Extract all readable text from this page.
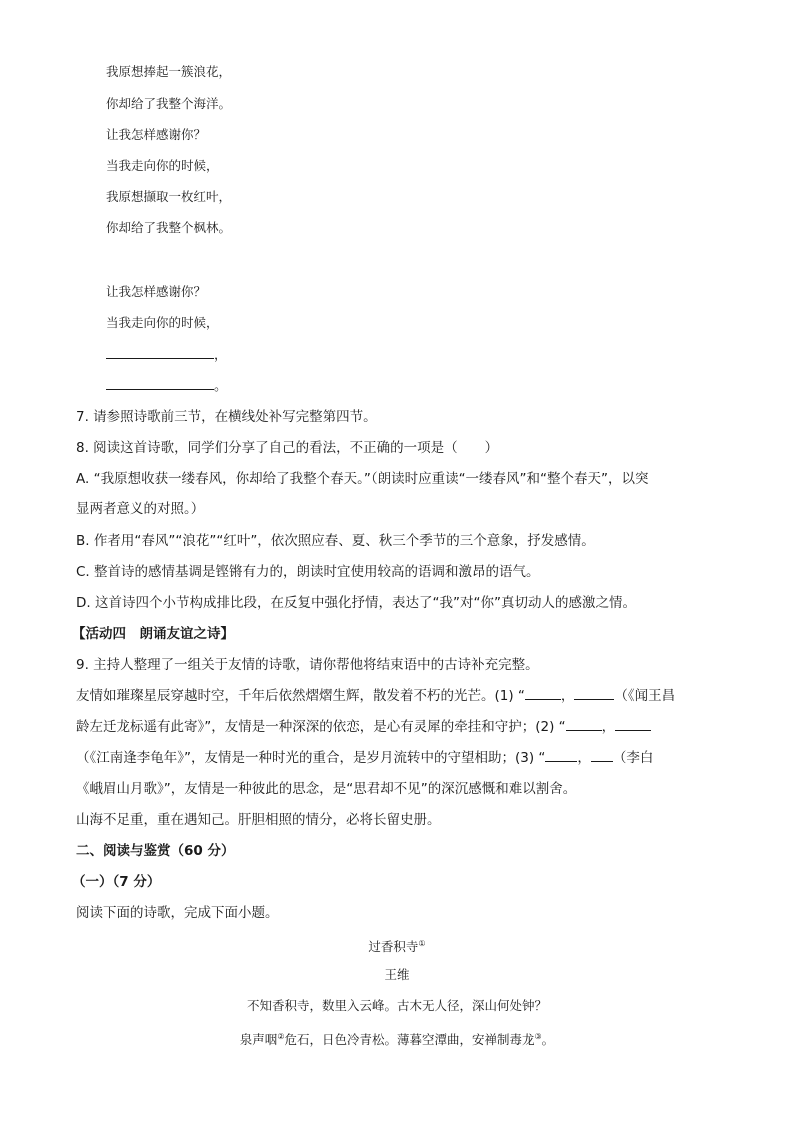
我原想捧起一簇浪花，
你却给了我整个海洋。
让我怎样感谢你？
当我走向你的时候，
我原想撷取一枚红叶，
你却给了我整个枫林。
让我怎样感谢你？
当我走向你的时候，
，
。
7. 请参照诗歌前三节，在横线处补写完整第四节。
8. 阅读这首诗歌，同学们分享了自己的看法，不正确的一项是（　　）
A. “我原想收获一缕春风，你却给了我整个春天。”（朗读时应重读“一缕春风”和“整个春天”，以突
显两者意义的对照。）
B. 作者用“春风”“浪花”“红叶”，依次照应春、夏、秋三个季节的三个意象，抒发感情。
C. 整首诗的感情基调是铿锵有力的，朗读时宜使用较高的语调和激昂的语气。
D. 这首诗四个小节构成排比段，在反复中强化抒情，表达了“我”对“你”真切动人的感激之情。
【活动四　朗诵友谊之诗】
9. 主持人整理了一组关于友情的诗歌，请你帮他将结束语中的古诗补充完整。
友情如璀璨星辰穿越时空，千年后依然熠熠生辉，散发着不朽的光芒。(1) “	，	（《闻王昌
龄左迁龙标遥有此寄》”，友情是一种深深的依恋，是心有灵犀的牵挂和守护；(2) “	，
（《江南逢李龟年》”，友情是一种时光的重合，是岁月流转中的守望相助；(3) “ ， （李白
《峨眉山月歌》”，友情是一种彼此的思念，是“思君却不见”的深沉感慨和难以割舍。
山海不足重，重在遇知己。肝胆相照的情分，必将长留史册。
二、阅读与鉴赏（60 分）
（一）（7 分）
阅读下面的诗歌，完成下面小题。
过香积寺①
王维
不知香积寺，数里入云峰。古木无人径，深山何处钟？
泉声咽②危石，日色冷青松。薄暮空潭曲，安禅制毒龙③。
